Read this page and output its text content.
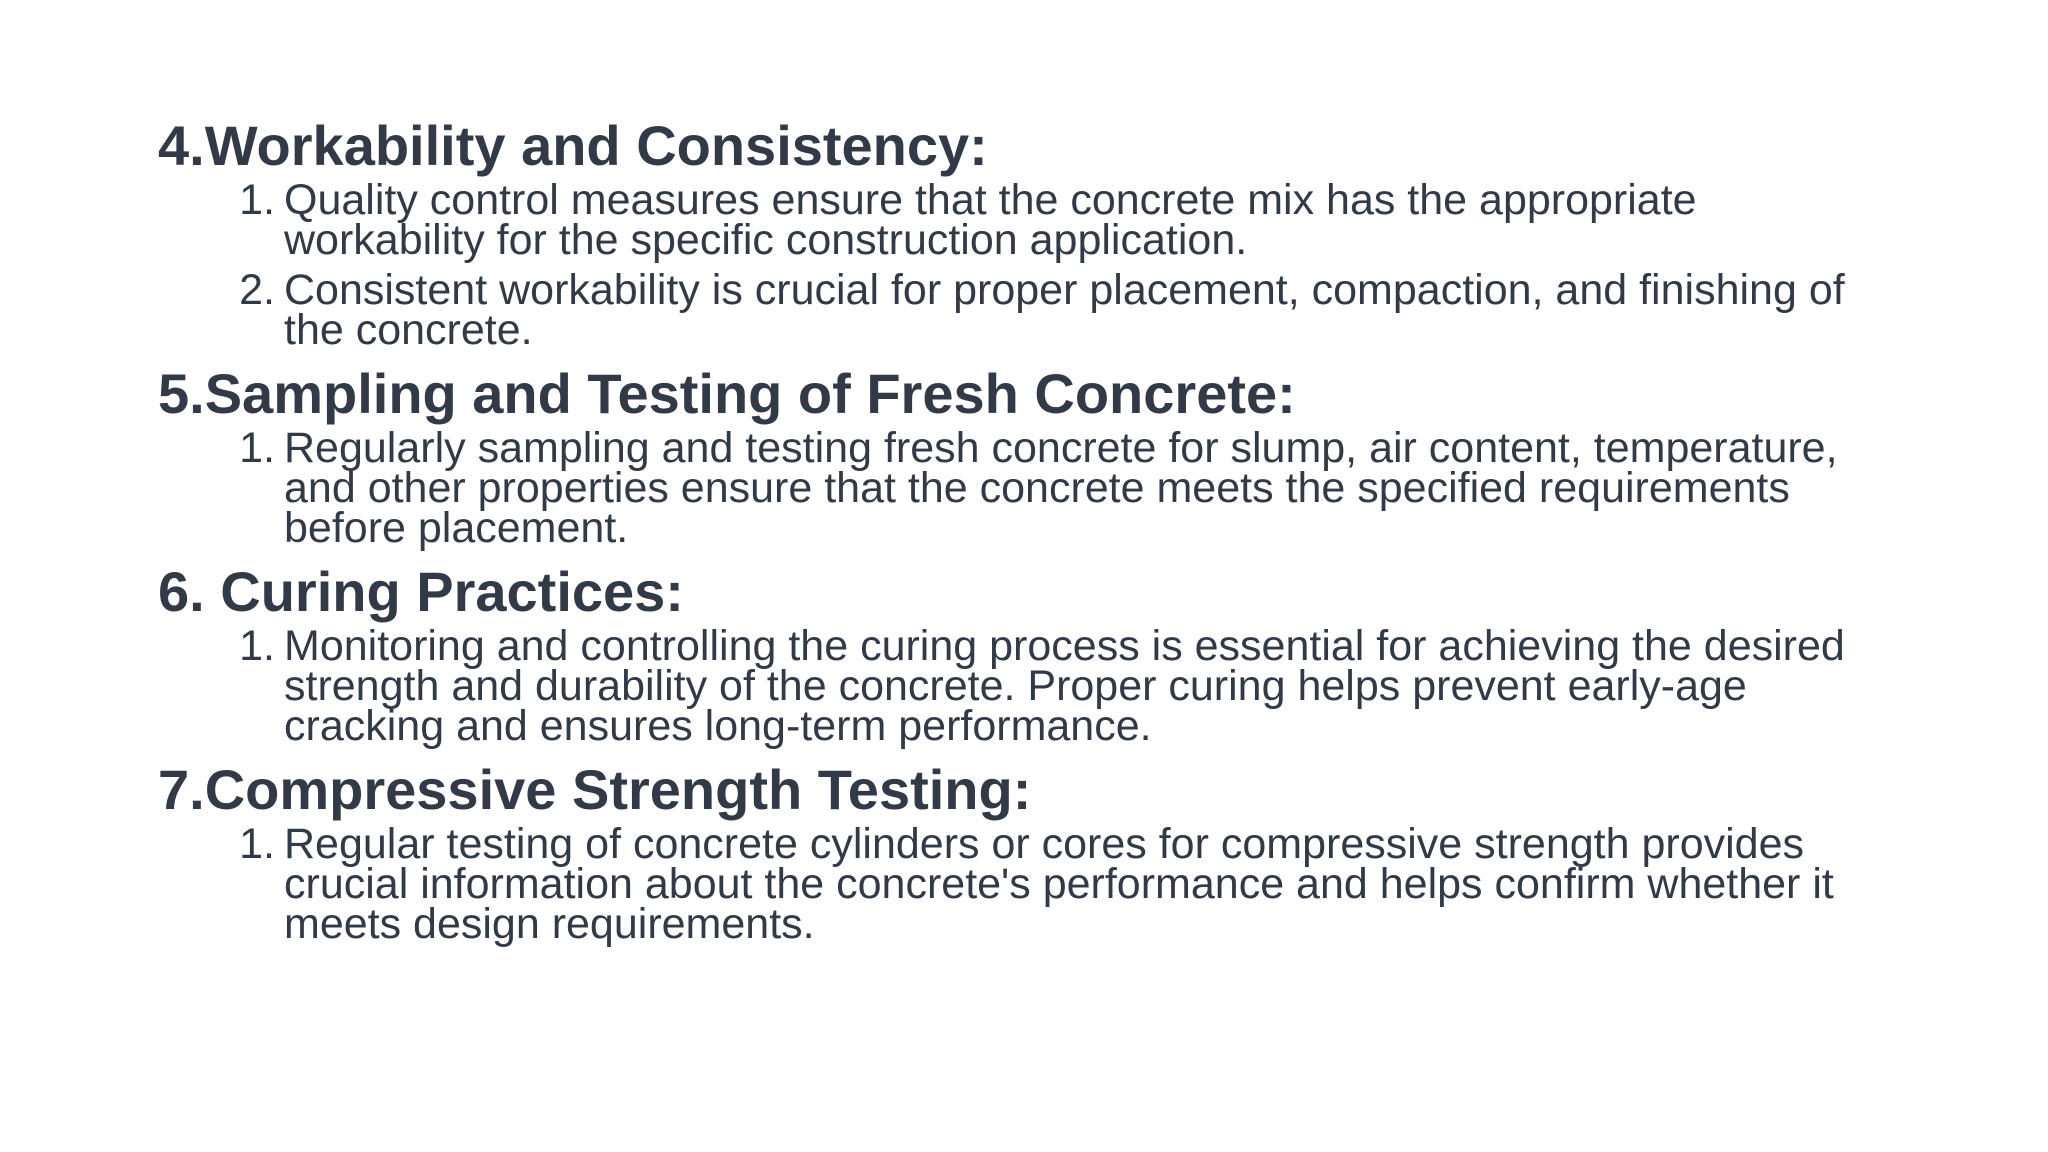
4.Workability and Consistency:
1. Quality control measures ensure that the concrete mix has the appropriate workability for the specific construction application.
2. Consistent workability is crucial for proper placement, compaction, and finishing of the concrete.
5.Sampling and Testing of Fresh Concrete:
1. Regularly sampling and testing fresh concrete for slump, air content, temperature, and other properties ensure that the concrete meets the specified requirements before placement.
6. Curing Practices:
1. Monitoring and controlling the curing process is essential for achieving the desired strength and durability of the concrete. Proper curing helps prevent early-age cracking and ensures long-term performance.
7.Compressive Strength Testing:
1. Regular testing of concrete cylinders or cores for compressive strength provides crucial information about the concrete's performance and helps confirm whether it meets design requirements.
